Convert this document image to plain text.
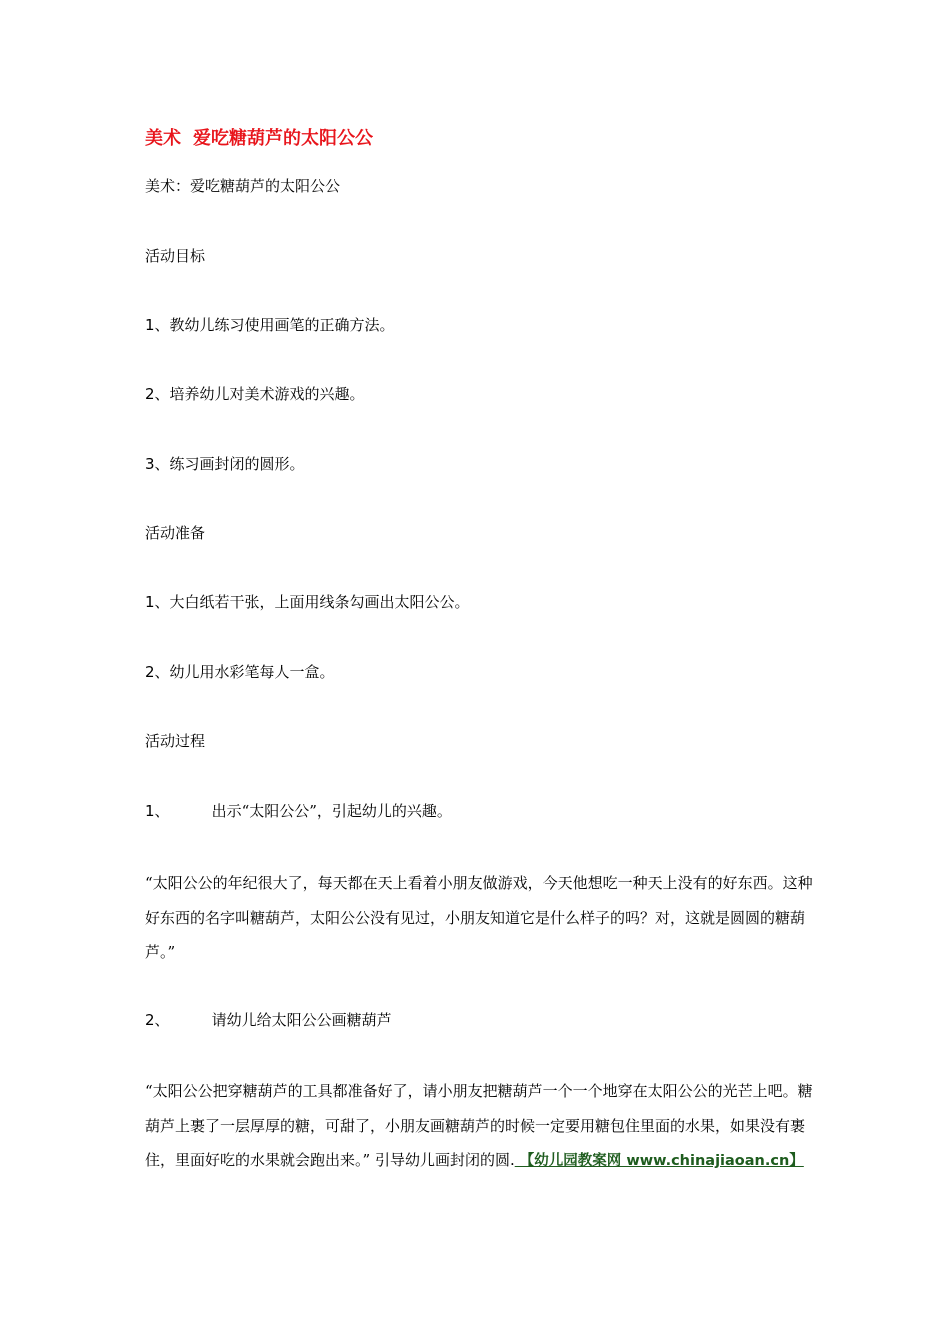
美术 爱吃糖葫芦的太阳公公
美术：爱吃糖葫芦的太阳公公
活动目标
1、教幼儿练习使用画笔的正确方法。
2、培养幼儿对美术游戏的兴趣。
3、练习画封闭的圆形。
活动准备
1、大白纸若干张，上面用线条勾画出太阳公公。
2、幼儿用水彩笔每人一盒。
活动过程
1、	出示“太阳公公”，引起幼儿的兴趣。
“太阳公公的年纪很大了，每天都在天上看着小朋友做游戏，今天他想吃一种天上没有的好东西。这种好东西的名字叫糖葫芦，太阳公公没有见过，小朋友知道它是什么样子的吗？对，这就是圆圆的糖葫芦。”
2、	请幼儿给太阳公公画糖葫芦
“太阳公公把穿糖葫芦的工具都准备好了，请小朋友把糖葫芦一个一个地穿在太阳公公的光芒上吧。糖葫芦上裹了一层厚厚的糖，可甜了，小朋友画糖葫芦的时候一定要用糖包住里面的水果，如果没有裹住，里面好吃的水果就会跑出来。” 引导幼儿画封闭的圆. 【幼儿园教案网 www.chinajiaoan.cn】
